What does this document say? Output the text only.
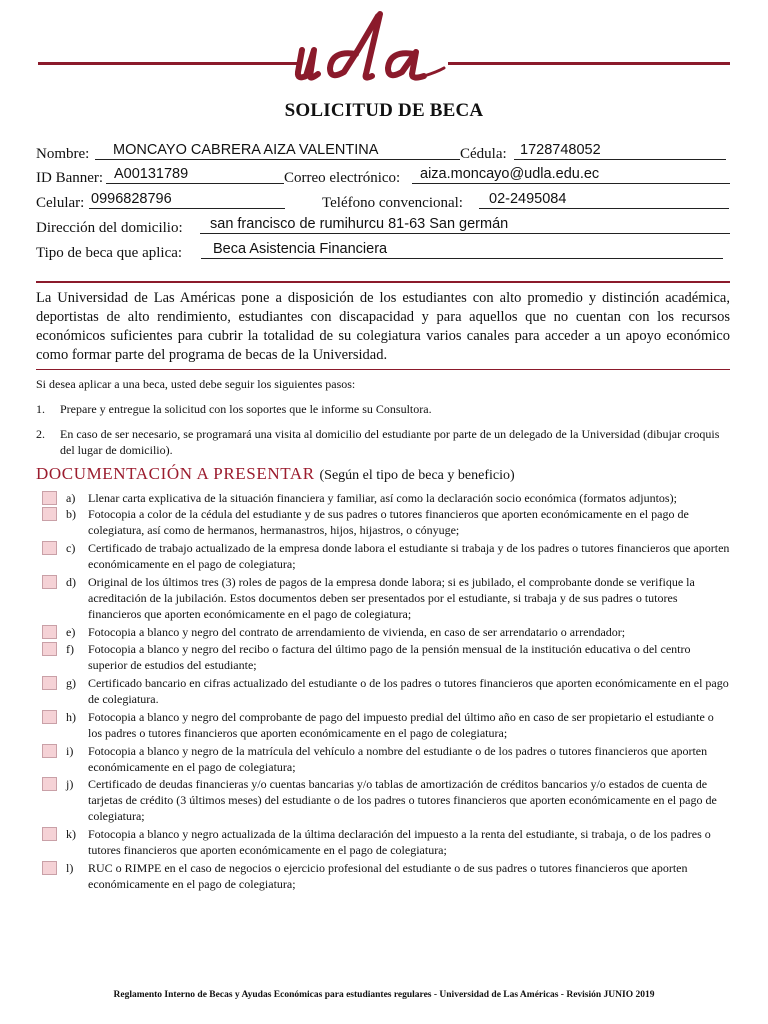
SOLICITUD DE BECA
Nombre:	MONCAYO CABRERA AIZA VALENTINA	Cédula: 1728748052
ID Banner: A00131789	Correo electrónico:	aiza.moncayo@udla.edu.ec
Celular: 0996828796	Teléfono convencional:	02-2495084
Dirección del domicilio:	san francisco de rumihurcu 81-63 San germán
Tipo de beca que aplica:	Beca Asistencia Financiera
La Universidad de Las Américas pone a disposición de los estudiantes con alto promedio y distinción académica, deportistas de alto rendimiento, estudiantes con discapacidad y para aquellos que no cuentan con los recursos económicos suficientes para cubrir la totalidad de su colegiatura varios canales para acceder a un apoyo económico como formar parte del programa de becas de la Universidad.
Si desea aplicar a una beca, usted debe seguir los siguientes pasos:
1. Prepare y entregue la solicitud con los soportes que le informe su Consultora.
2. En caso de ser necesario, se programará una visita al domicilio del estudiante por parte de un delegado de la Universidad (dibujar croquis del lugar de domicilio).
DOCUMENTACIÓN A PRESENTAR (Según el tipo de beca y beneficio)
a) Llenar carta explicativa de la situación financiera y familiar, así como la declaración socio económica (formatos adjuntos);
b) Fotocopia a color de la cédula del estudiante y de sus padres o tutores financieros que aporten económicamente en el pago de colegiatura, así como de hermanos, hermanastros, hijos, hijastros, o cónyuge;
c) Certificado de trabajo actualizado de la empresa donde labora el estudiante si trabaja y de los padres o tutores financieros que aporten económicamente en el pago de colegiatura;
d) Original de los últimos tres (3) roles de pagos de la empresa donde labora; si es jubilado, el comprobante donde se verifique la acreditación de la jubilación. Estos documentos deben ser presentados por el estudiante, si trabaja y de sus padres o tutores financieros que aporten económicamente en el pago de colegiatura;
e) Fotocopia a blanco y negro del contrato de arrendamiento de vivienda, en caso de ser arrendatario o arrendador;
f) Fotocopia a blanco y negro del recibo o factura del último pago de la pensión mensual de la institución educativa o del centro superior de estudios del estudiante;
g) Certificado bancario en cifras actualizado del estudiante o de los padres o tutores financieros que aporten económicamente en el pago de colegiatura.
h) Fotocopia a blanco y negro del comprobante de pago del impuesto predial del último año en caso de ser propietario el estudiante o los padres o tutores financieros que aporten económicamente en el pago de colegiatura;
i) Fotocopia a blanco y negro de la matrícula del vehículo a nombre del estudiante o de los padres o tutores financieros que aporten económicamente en el pago de colegiatura;
j) Certificado de deudas financieras y/o cuentas bancarias y/o tablas de amortización de créditos bancarios y/o estados de cuenta de tarjetas de crédito (3 últimos meses) del estudiante o de los padres o tutores financieros que aporten económicamente en el pago de colegiatura;
k) Fotocopia a blanco y negro actualizada de la última declaración del impuesto a la renta del estudiante, si trabaja, o de los padres o tutores financieros que aporten económicamente en el pago de colegiatura;
l) RUC o RIMPE en el caso de negocios o ejercicio profesional del estudiante o de sus padres o tutores financieros que aporten económicamente en el pago de colegiatura;
Reglamento Interno de Becas y Ayudas Económicas para estudiantes regulares - Universidad de Las Américas - Revisión JUNIO 2019
